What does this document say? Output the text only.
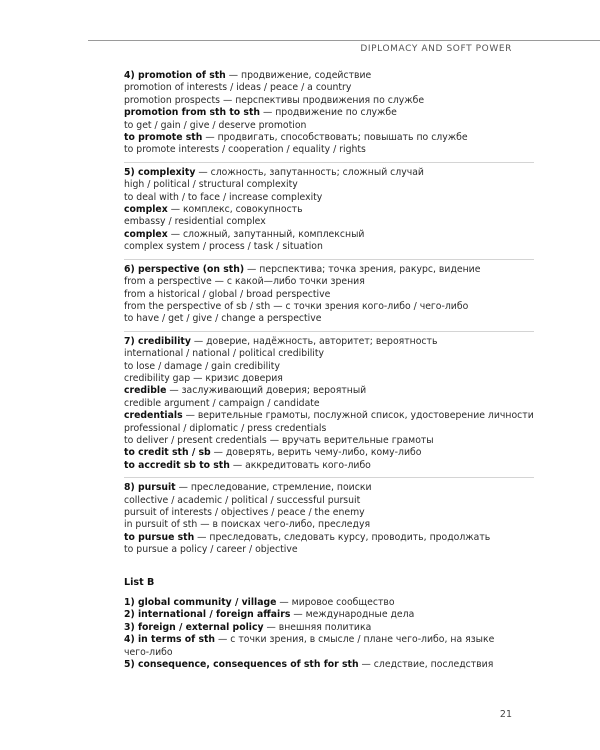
DIPLOMACY AND SOFT POWER
4) promotion of sth — продвижение, содействие
promotion of interests / ideas / peace / a country
promotion prospects — перспективы продвижения по службе
promotion from sth to sth — продвижение по службе
to get / gain / give / deserve promotion
to promote sth — продвигать, способствовать; повышать по службе
to promote interests / cooperation / equality / rights
5) complexity — сложность, запутанность; сложный случай
high / political / structural complexity
to deal with / to face / increase complexity
complex — комплекс, совокупность
embassy / residential complex
complex — сложный, запутанный, комплексный
complex system / process / task / situation
6) perspective (on sth) — перспектива; точка зрения, ракурс, видение
from a perspective — с какой—либо точки зрения
from a historical / global / broad perspective
from the perspective of sb / sth — с точки зрения кого-либо / чего-либо
to have / get / give / change a perspective
7) credibility — доверие, надёжность, авторитет; вероятность
international / national / political credibility
to lose / damage / gain credibility
credibility gap — кризис доверия
credible — заслуживающий доверия; вероятный
credible argument / campaign / candidate
credentials — верительные грамоты, послужной список, удостоверение личности
professional / diplomatic / press credentials
to deliver / present credentials — вручать верительные грамоты
to credit sth / sb — доверять, верить чему-либо, кому-либо
to accredit sb to sth — аккредитовать кого-либо
8) pursuit — преследование, стремление, поиски
collective / academic / political / successful pursuit
pursuit of interests / objectives / peace / the enemy
in pursuit of sth — в поисках чего-либо, преследуя
to pursue sth — преследовать, следовать курсу, проводить, продолжать
to pursue a policy / career / objective
List B
1) global community / village — мировое сообщество
2) international / foreign affairs — международные дела
3) foreign / external policy — внешняя политика
4) in terms of sth — с точки зрения, в смысле / плане чего-либо, на языке
чего-либо
5) consequence, consequences of sth for sth — следствие, последствия
21
